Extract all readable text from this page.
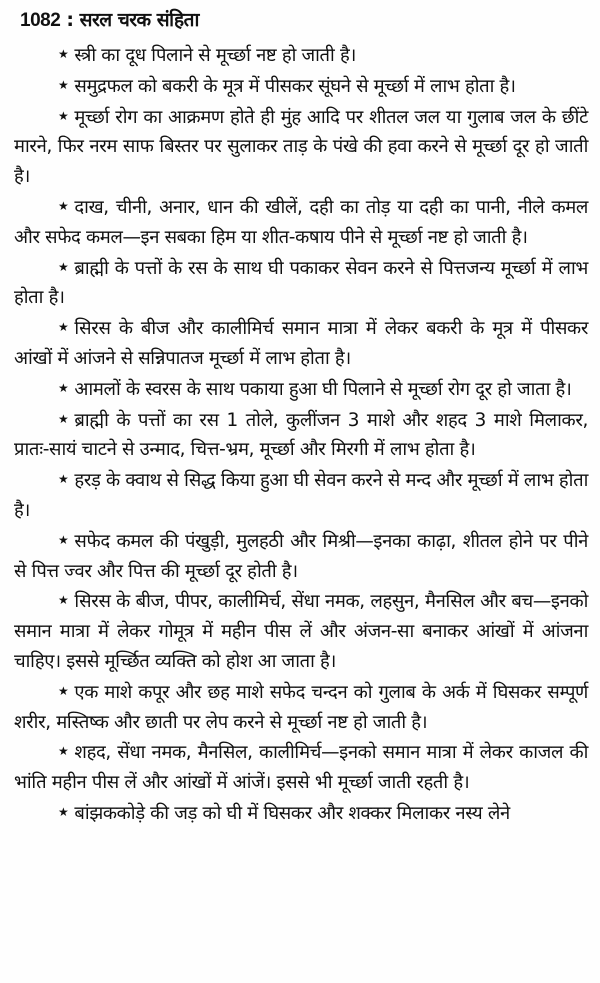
1082 : सरल चरक संहिता

★ स्त्री का दूध पिलाने से मूर्च्छा नष्ट हो जाती है।

★ समुद्रफल को बकरी के मूत्र में पीसकर सूंघने से मूर्च्छा में लाभ होता है।

★ मूर्च्छा रोग का आक्रमण होते ही मुंह आदि पर शीतल जल या गुलाब जल के छींटे मारने, फिर नरम साफ बिस्तर पर सुलाकर ताड़ के पंखे की हवा करने से मूर्च्छा दूर हो जाती है।

★ दाख, चीनी, अनार, धान की खीलें, दही का तोड़ या दही का पानी, नीले कमल और सफेद कमल—इन सबका हिम या शीत-कषाय पीने से मूर्च्छा नष्ट हो जाती है।

★ ब्राह्मी के पत्तों के रस के साथ घी पकाकर सेवन करने से पित्तजन्य मूर्च्छा में लाभ होता है।

★ सिरस के बीज और कालीमिर्च समान मात्रा में लेकर बकरी के मूत्र में पीसकर आंखों में आंजने से सन्निपातज मूर्च्छा में लाभ होता है।

★ आमलों के स्वरस के साथ पकाया हुआ घी पिलाने से मूर्च्छा रोग दूर हो जाता है।

★ ब्राह्मी के पत्तों का रस 1 तोले, कुलींजन 3 माशे और शहद 3 माशे मिलाकर, प्रातः-सायं चाटने से उन्माद, चित्त-भ्रम, मूर्च्छा और मिरगी में लाभ होता है।

★ हरड़ के क्वाथ से सिद्ध किया हुआ घी सेवन करने से मन्द और मूर्च्छा में लाभ होता है।

★ सफेद कमल की पंखुड़ी, मुलहठी और मिश्री—इनका काढ़ा, शीतल होने पर पीने से पित्त ज्वर और पित्त की मूर्च्छा दूर होती है।

★ सिरस के बीज, पीपर, कालीमिर्च, सेंधा नमक, लहसुन, मैनसिल और बच—इनको समान मात्रा में लेकर गोमूत्र में महीन पीस लें और अंजन-सा बनाकर आंखों में आंजना चाहिए। इससे मूर्च्छित व्यक्ति को होश आ जाता है।

★ एक माशे कपूर और छह माशे सफेद चन्दन को गुलाब के अर्क में घिसकर सम्पूर्ण शरीर, मस्तिष्क और छाती पर लेप करने से मूर्च्छा नष्ट हो जाती है।

★ शहद, सेंधा नमक, मैनसिल, कालीमिर्च—इनको समान मात्रा में लेकर काजल की भांति महीन पीस लें और आंखों में आंजें। इससे भी मूर्च्छा जाती रहती है।

★ बांझककोड़े की जड़ को घी में घिसकर और शक्कर मिलाकर नस्य लेने
